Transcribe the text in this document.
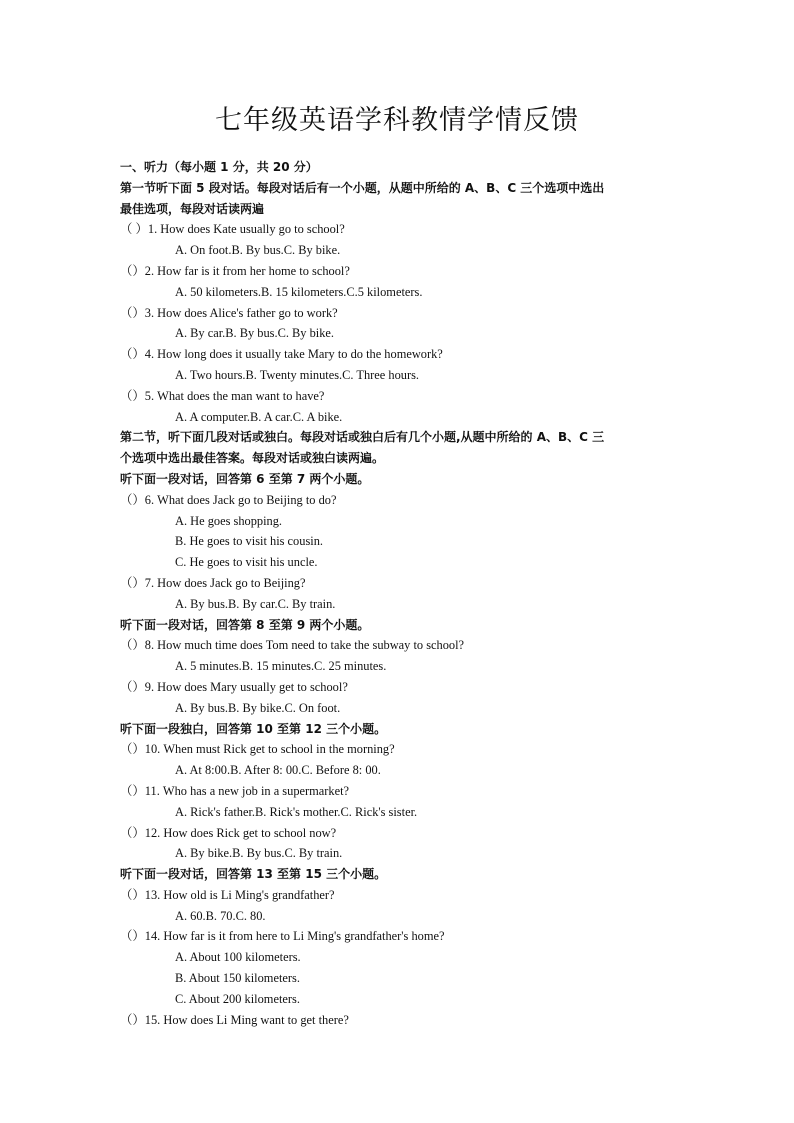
七年级英语学科教情学情反馈
一、听力（每小题 1 分，共 20 分）
第一节听下面 5 段对话。每段对话后有一个小题，从题中所给的 A、B、C 三个选项中选出
最佳选项，每段对话读两遍
（ ）1. How does Kate usually go to school?
A. On foot.B. By bus.C. By bike.
（）2. How far is it from her home to school?
A. 50 kilometers.B. 15 kilometers.C.5 kilometers.
（）3. How does Alice's father go to work?
A. By car.B. By bus.C. By bike.
（）4. How long does it usually take Mary to do the homework?
A. Two hours.B. Twenty minutes.C. Three hours.
（）5. What does the man want to have?
A. A computer.B. A car.C. A bike.
第二节，听下面几段对话或独白。每段对话或独白后有几个小题,从题中所给的 A、B、C 三
个选项中选出最佳答案。每段对话或独白读两遍。
听下面一段对话，回答第 6 至第 7 两个小题。
（）6. What does Jack go to Beijing to do?
A. He goes shopping.
B. He goes to visit his cousin.
C. He goes to visit his uncle.
（）7. How does Jack go to Beijing?
A. By bus.B. By car.C. By train.
听下面一段对话，回答第 8 至第 9 两个小题。
（）8. How much time does Tom need to take the subway to school?
A. 5 minutes.B. 15 minutes.C. 25 minutes.
（）9. How does Mary usually get to school?
A. By bus.B. By bike.C. On foot.
听下面一段独白，回答第 10 至第 12 三个小题。
（）10. When must Rick get to school in the morning?
A. At 8:00.B. After 8: 00.C. Before 8: 00.
（）11. Who has a new job in a supermarket?
A. Rick's father.B. Rick's mother.C. Rick's sister.
（）12. How does Rick get to school now?
A. By bike.B. By bus.C. By train.
听下面一段对话，回答第 13 至第 15 三个小题。
（）13. How old is Li Ming's grandfather?
A. 60.B. 70.C. 80.
（）14. How far is it from here to Li Ming's grandfather's home?
A. About 100 kilometers.
B. About 150 kilometers.
C. About 200 kilometers.
（）15. How does Li Ming want to get there?
